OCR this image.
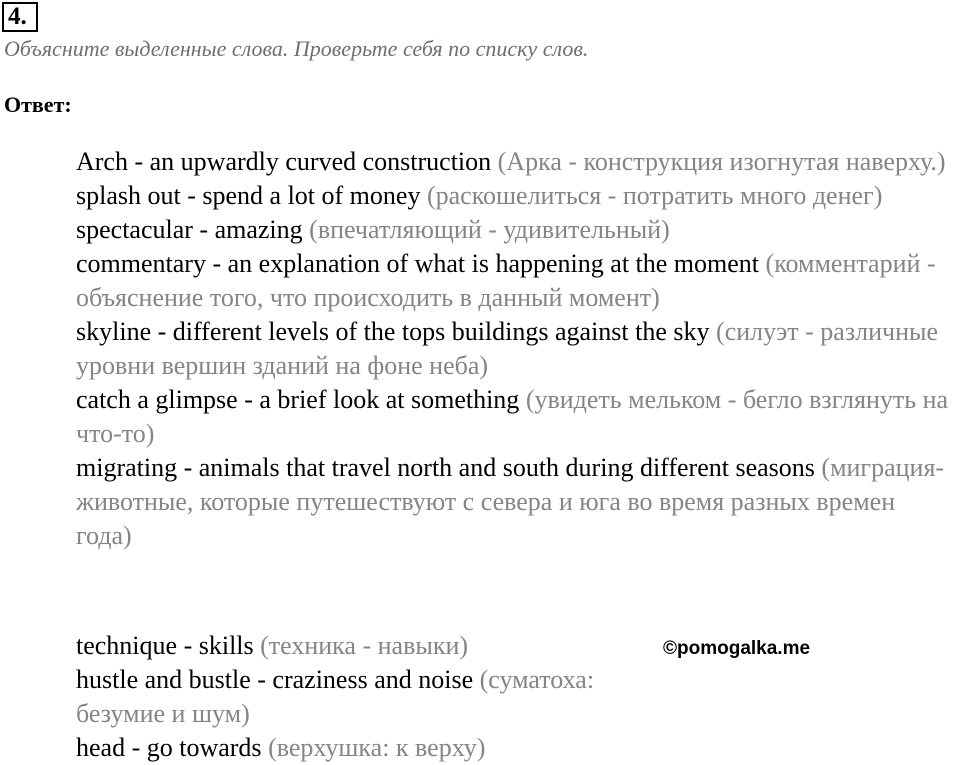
4.
Объясните выделенные слова. Проверьте себя по списку слов.
Ответ:
Arch - an upwardly curved construction (Арка - конструкция изогнутая наверху.)
splash out - spend a lot of money (раскошелиться - потратить много денег)
spectacular - amazing (впечатляющий - удивительный)
commentary - an explanation of what is happening at the moment (комментарий - объяснение того, что происходить в данный момент)
skyline - different levels of the tops buildings against the sky (силуэт - различные уровни вершин зданий на фоне неба)
catch a glimpse - a brief look at something (увидеть мельком - бегло взглянуть на что-то)
migrating - animals that travel north and south during different seasons (миграция- животные, которые путешествуют с севера и юга во время разных времен года)
technique - skills (техника - навыки)
hustle and bustle - craziness and noise (суматоха: безумие и шум)
head - go towards (верхушка: к верху)
©pomogalka.me
